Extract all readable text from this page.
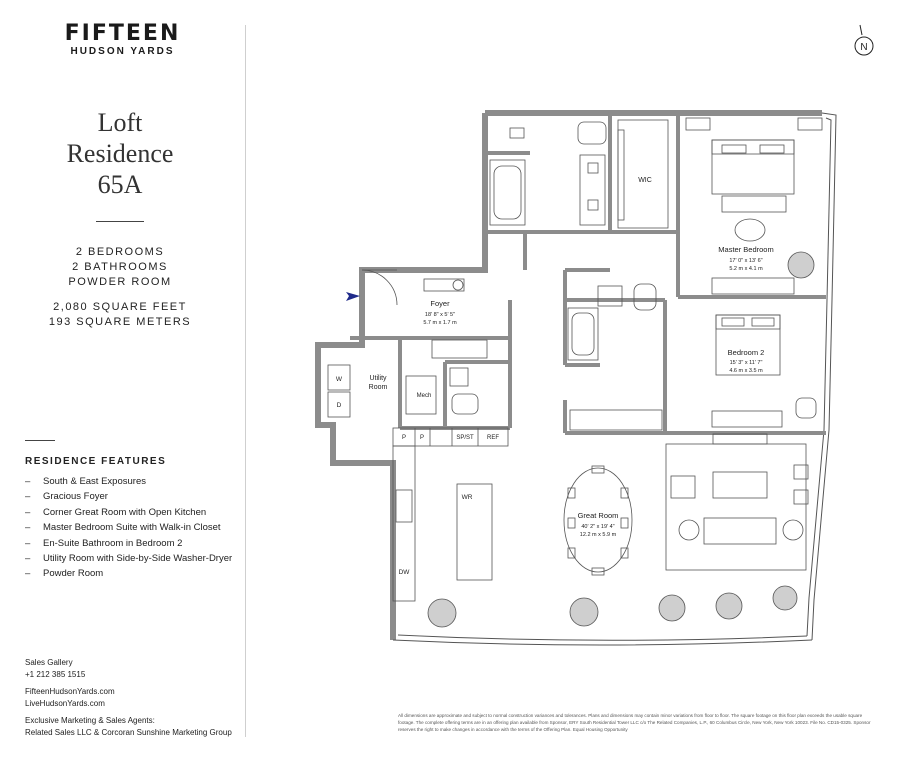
FIFTEEN
HUDSON YARDS
Loft
Residence
65A
2 BEDROOMS
2 BATHROOMS
POWDER ROOM
2,080 SQUARE FEET
193 SQUARE METERS
RESIDENCE FEATURES
–	South & East Exposures
–	Gracious Foyer
–	Corner Great Room with Open Kitchen
–	Master Bedroom Suite with Walk-in Closet
–	En-Suite Bathroom in Bedroom 2
–	Utility Room with Side-by-Side Washer-Dryer
–	Powder Room
Sales Gallery
+1 212 385 1515
FifteenHudsonYards.com
LiveHudsonYards.com
Exclusive Marketing & Sales Agents:
Related Sales LLC & Corcoran Sunshine Marketing Group
N
WIC
Master Bedroom
17' 0" x 13' 6"
5.2 m x 4.1 m
Foyer
18' 8" x 5' 5"
5.7 m x 1.7 m
Bedroom 2
15' 3" x 11' 7"
4.6 m x 3.5 m
Utility
Room
W
D
Mech
P P	SP/ST REF
WR
DW
Great Room
40' 2" x 19' 4"
12.2 m x 5.9 m
All dimensions are approximate and subject to normal construction variances and tolerances. Plans and dimensions may contain minor variations from floor to floor. The square footage on this floor plan exceeds the usable square footage. The complete offering terms are in an offering plan available from Sponsor, ERY South Residential Tower LLC c/o The Related Companies, L.P., 60 Columbus Circle, New York, New York 10023. File No. CD15-0325. Sponsor reserves the right to make changes in accordance with the terms of the Offering Plan. Equal Housing Opportunity
